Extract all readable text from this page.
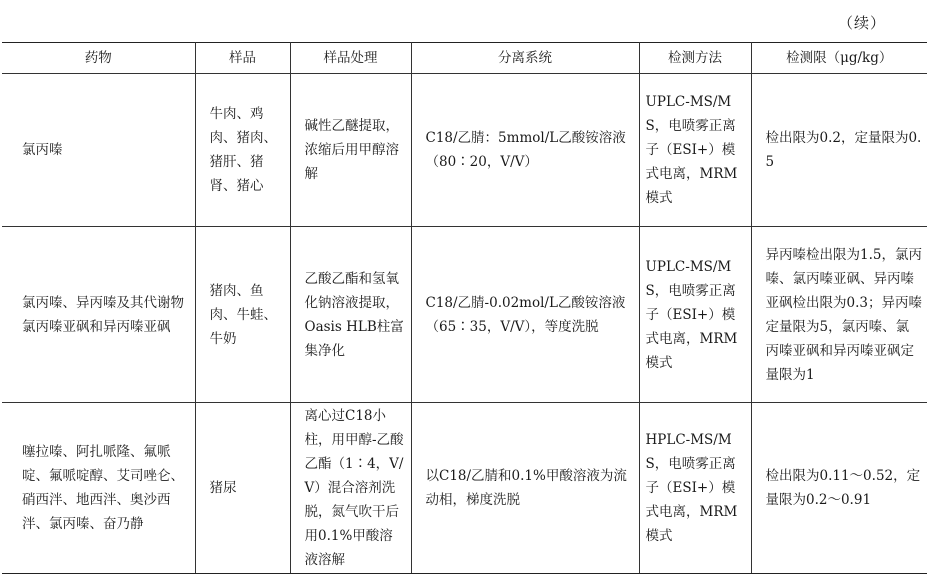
（续）
药物	样品	样品处理	分离系统	检测方法	检测限（μg/kg）
氯丙嗪	牛肉、鸡肉、猪肉、猪肝、猪肾、猪心	碱性乙醚提取，浓缩后用甲醇溶解	C18/乙腈：5mmol/L乙酸铵溶液（80∶20，V/V）	UPLC-MS/MS，电喷雾正离子（ESI+）模式电离，MRM模式	检出限为0.2，定量限为0.5
氯丙嗪、异丙嗪及其代谢物氯丙嗪亚砜和异丙嗪亚砜	猪肉、鱼肉、牛蛙、牛奶	乙酸乙酯和氢氧化钠溶液提取，Oasis HLB柱富集净化	C18/乙腈-0.02mol/L乙酸铵溶液（65∶35，V/V），等度洗脱	UPLC-MS/MS，电喷雾正离子（ESI+）模式电离，MRM模式	异丙嗪检出限为1.5，氯丙嗪、氯丙嗪亚砜、异丙嗪亚砜检出限为0.3；异丙嗪定量限为5，氯丙嗪、氯丙嗪亚砜和异丙嗪亚砜定量限为1
噻拉嗪、阿扎哌隆、氟哌啶、氟哌啶醇、艾司唑仑、硝西泮、地西泮、奥沙西泮、氯丙嗪、奋乃静	猪尿	离心过C18小柱，用甲醇-乙酸乙酯（1∶4，V/V）混合溶剂洗脱，氮气吹干后用0.1%甲酸溶液溶解	以C18/乙腈和0.1%甲酸溶液为流动相，梯度洗脱	HPLC-MS/MS，电喷雾正离子（ESI+）模式电离，MRM模式	检出限为0.11～0.52，定量限为0.2～0.91
